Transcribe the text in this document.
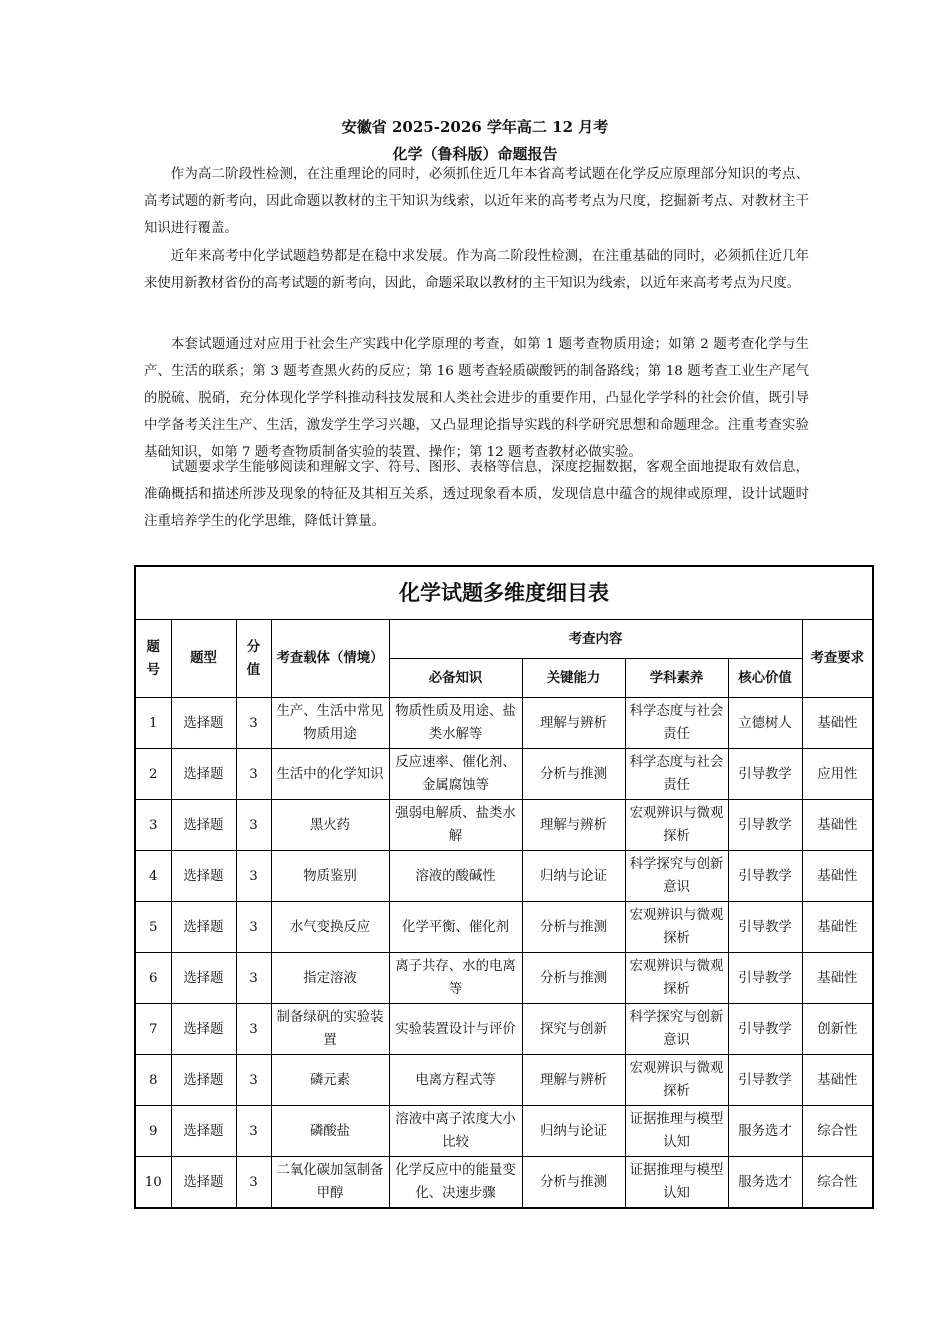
安徽省 2025-2026 学年高二 12 月考
化学（鲁科版）命题报告

作为高二阶段性检测，在注重理论的同时，必须抓住近几年本省高考试题在化学反应原理部分知识的考点、高考试题的新考向，因此命题以教材的主干知识为线索，以近年来的高考考点为尺度，挖掘新考点、对教材主干知识进行覆盖。

近年来高考中化学试题趋势都是在稳中求发展。作为高二阶段性检测，在注重基础的同时，必须抓住近几年来使用新教材省份的高考试题的新考向，因此，命题采取以教材的主干知识为线索，以近年来高考考点为尺度。

本套试题通过对应用于社会生产实践中化学原理的考查，如第 1 题考查物质用途；如第 2 题考查化学与生产、生活的联系；第 3 题考查黑火药的反应；第 16 题考查轻质碳酸钙的制备路线；第 18 题考查工业生产尾气的脱硫、脱硝，充分体现化学学科推动科技发展和人类社会进步的重要作用，凸显化学学科的社会价值，既引导中学备考关注生产、生活，激发学生学习兴趣，又凸显理论指导实践的科学研究思想和命题理念。注重考查实验基础知识，如第 7 题考查物质制备实验的装置、操作；第 12 题考查教材必做实验。

试题要求学生能够阅读和理解文字、符号、图形、表格等信息，深度挖掘数据，客观全面地提取有效信息，准确概括和描述所涉及现象的特征及其相互关系，透过现象看本质，发现信息中蕴含的规律或原理，设计试题时注重培养学生的化学思维，降低计算量。

化学试题多维度细目表								
题号	题型	分值	考查载体（情境）	考查内容				考查要求
				必备知识	关键能力	学科素养	核心价值	
1	选择题	3	生产、生活中常见物质用途	物质性质及用途、盐类水解等	理解与辨析	科学态度与社会责任	立德树人	基础性
2	选择题	3	生活中的化学知识	反应速率、催化剂、金属腐蚀等	分析与推测	科学态度与社会责任	引导教学	应用性
3	选择题	3	黑火药	强弱电解质、盐类水解	理解与辨析	宏观辨识与微观探析	引导教学	基础性
4	选择题	3	物质鉴别	溶液的酸碱性	归纳与论证	科学探究与创新意识	引导教学	基础性
5	选择题	3	水气变换反应	化学平衡、催化剂	分析与推测	宏观辨识与微观探析	引导教学	基础性
6	选择题	3	指定溶液	离子共存、水的电离等	分析与推测	宏观辨识与微观探析	引导教学	基础性
7	选择题	3	制备绿矾的实验装置	实验装置设计与评价	探究与创新	科学探究与创新意识	引导教学	创新性
8	选择题	3	磷元素	电离方程式等	理解与辨析	宏观辨识与微观探析	引导教学	基础性
9	选择题	3	磷酸盐	溶液中离子浓度大小比较	归纳与论证	证据推理与模型认知	服务选才	综合性
10	选择题	3	二氧化碳加氢制备甲醇	化学反应中的能量变化、决速步骤	分析与推测	证据推理与模型认知	服务选才	综合性
